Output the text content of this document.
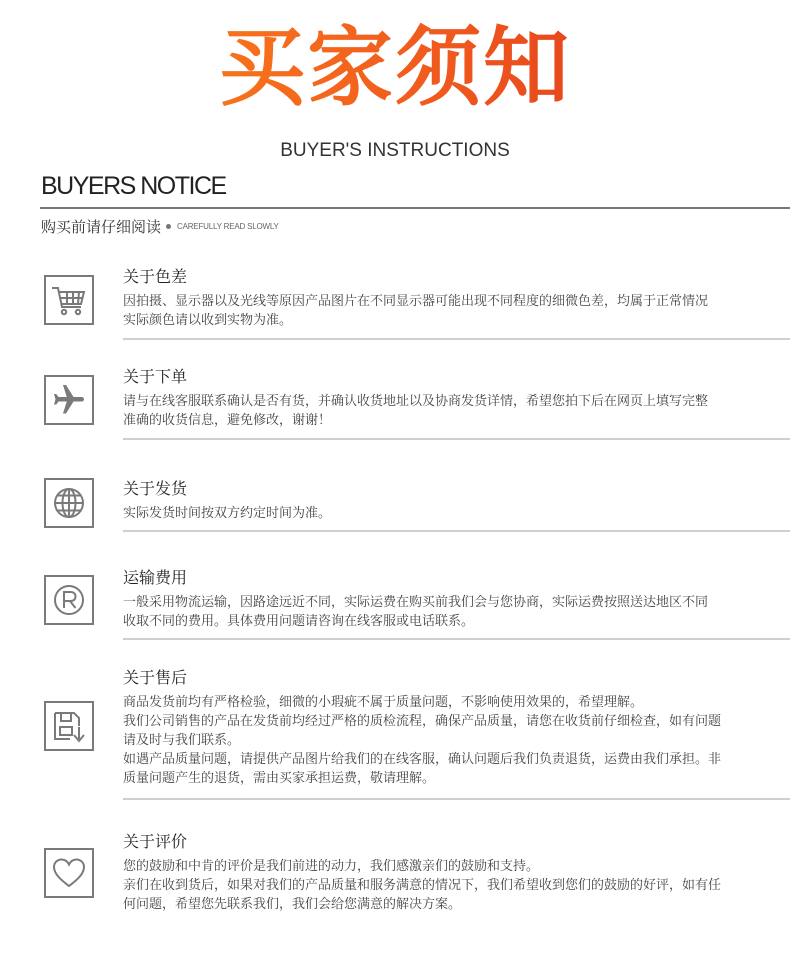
买家须知
BUYER'S INSTRUCTIONS
BUYERS NOTICE
购买前请仔细阅读 CAREFULLY READ SLOWLY
关于色差
因拍摄、显示器以及光线等原因产品图片在不同显示器可能出现不同程度的细微色差，均属于正常情况
实际颜色请以收到实物为准。
关于下单
请与在线客服联系确认是否有货，并确认收货地址以及协商发货详情，希望您拍下后在网页上填写完整
准确的收货信息，避免修改，谢谢！
关于发货
实际发货时间按双方约定时间为准。
运输费用
一般采用物流运输，因路途远近不同，实际运费在购买前我们会与您协商，实际运费按照送达地区不同
收取不同的费用。具体费用问题请咨询在线客服或电话联系。
关于售后
商品发货前均有严格检验，细微的小瑕疵不属于质量问题，不影响使用效果的，希望理解。
我们公司销售的产品在发货前均经过严格的质检流程，确保产品质量，请您在收货前仔细检查，如有问题
请及时与我们联系。
如遇产品质量问题，请提供产品图片给我们的在线客服，确认问题后我们负责退货，运费由我们承担。非
质量问题产生的退货，需由买家承担运费，敬请理解。
关于评价
您的鼓励和中肯的评价是我们前进的动力，我们感激亲们的鼓励和支持。
亲们在收到货后，如果对我们的产品质量和服务满意的情况下，我们希望收到您们的鼓励的好评，如有任
何问题，希望您先联系我们，我们会给您满意的解决方案。
